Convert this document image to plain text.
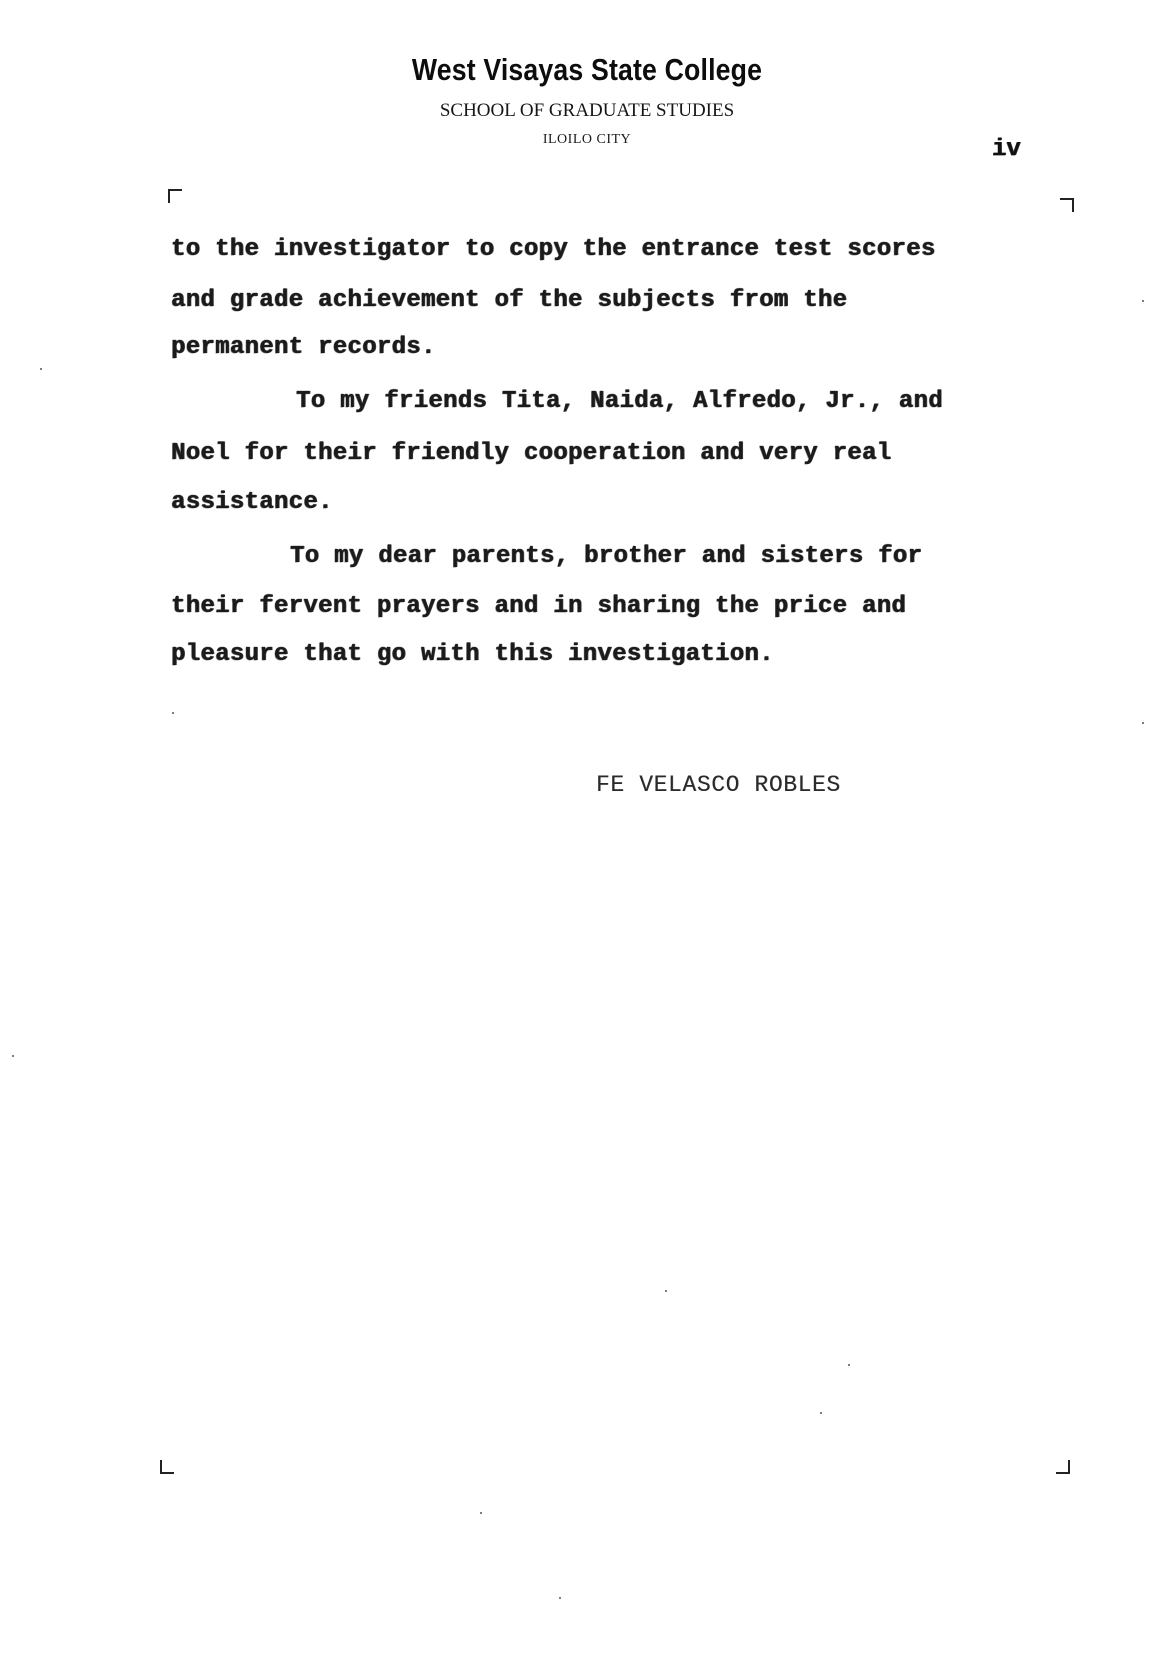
West Visayas State College
SCHOOL OF GRADUATE STUDIES
ILOILO CITY	iv
to the investigator to copy the entrance test scores
and grade achievement of the subjects from the
permanent records.
To my friends Tita, Naida, Alfredo, Jr., and
Noel for their friendly cooperation and very real
assistance.
To my dear parents, brother and sisters for
their fervent prayers and in sharing the price and
pleasure that go with this investigation.
FE VELASCO ROBLES
